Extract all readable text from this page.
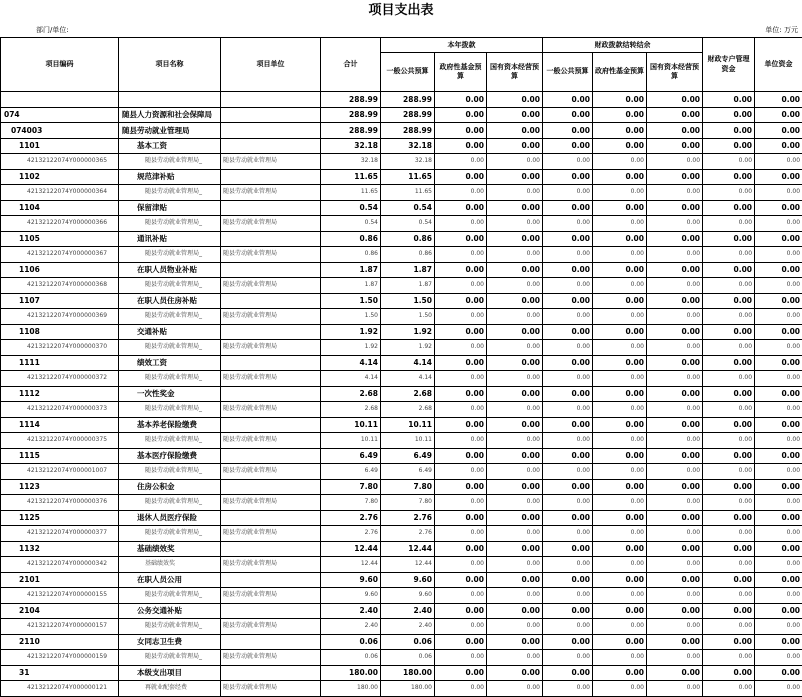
项目支出表
部门/单位:	单位: 万元
项目编码	项目名称	项目单位	合计	本年拨款			财政拨款结转结余			财政专户管理资金	单位资金
				一般公共预算	政府性基金预算	国有资本经营预算	一般公共预算	政府性基金预算	国有资本经营预算		
			288.99	288.99	0.00	0.00	0.00	0.00	0.00	0.00	0.00
074	随县人力资源和社会保障局		288.99	288.99	0.00	0.00	0.00	0.00	0.00	0.00	0.00
074003	随县劳动就业管理局		288.99	288.99	0.00	0.00	0.00	0.00	0.00	0.00	0.00
1101	基本工资		32.18	32.18	0.00	0.00	0.00	0.00	0.00	0.00	0.00
42132122074Y000000365	随县劳动就业管理局_	随县劳动就业管理局	32.18	32.18	0.00	0.00	0.00	0.00	0.00	0.00	0.00
1102	规范津补贴		11.65	11.65	0.00	0.00	0.00	0.00	0.00	0.00	0.00
42132122074Y000000364	随县劳动就业管理局_	随县劳动就业管理局	11.65	11.65	0.00	0.00	0.00	0.00	0.00	0.00	0.00
1104	保留津贴		0.54	0.54	0.00	0.00	0.00	0.00	0.00	0.00	0.00
42132122074Y000000366	随县劳动就业管理局_	随县劳动就业管理局	0.54	0.54	0.00	0.00	0.00	0.00	0.00	0.00	0.00
1105	通讯补贴		0.86	0.86	0.00	0.00	0.00	0.00	0.00	0.00	0.00
42132122074Y000000367	随县劳动就业管理局_	随县劳动就业管理局	0.86	0.86	0.00	0.00	0.00	0.00	0.00	0.00	0.00
1106	在职人员物业补贴		1.87	1.87	0.00	0.00	0.00	0.00	0.00	0.00	0.00
42132122074Y000000368	随县劳动就业管理局_	随县劳动就业管理局	1.87	1.87	0.00	0.00	0.00	0.00	0.00	0.00	0.00
1107	在职人员住房补贴		1.50	1.50	0.00	0.00	0.00	0.00	0.00	0.00	0.00
42132122074Y000000369	随县劳动就业管理局_	随县劳动就业管理局	1.50	1.50	0.00	0.00	0.00	0.00	0.00	0.00	0.00
1108	交通补贴		1.92	1.92	0.00	0.00	0.00	0.00	0.00	0.00	0.00
42132122074Y000000370	随县劳动就业管理局_	随县劳动就业管理局	1.92	1.92	0.00	0.00	0.00	0.00	0.00	0.00	0.00
1111	绩效工资		4.14	4.14	0.00	0.00	0.00	0.00	0.00	0.00	0.00
42132122074Y000000372	随县劳动就业管理局_	随县劳动就业管理局	4.14	4.14	0.00	0.00	0.00	0.00	0.00	0.00	0.00
1112	一次性奖金		2.68	2.68	0.00	0.00	0.00	0.00	0.00	0.00	0.00
42132122074Y000000373	随县劳动就业管理局_	随县劳动就业管理局	2.68	2.68	0.00	0.00	0.00	0.00	0.00	0.00	0.00
1114	基本养老保险缴费		10.11	10.11	0.00	0.00	0.00	0.00	0.00	0.00	0.00
42132122074Y000000375	随县劳动就业管理局_	随县劳动就业管理局	10.11	10.11	0.00	0.00	0.00	0.00	0.00	0.00	0.00
1115	基本医疗保险缴费		6.49	6.49	0.00	0.00	0.00	0.00	0.00	0.00	0.00
42132122074Y000001007	随县劳动就业管理局_	随县劳动就业管理局	6.49	6.49	0.00	0.00	0.00	0.00	0.00	0.00	0.00
1123	住房公积金		7.80	7.80	0.00	0.00	0.00	0.00	0.00	0.00	0.00
42132122074Y000000376	随县劳动就业管理局_	随县劳动就业管理局	7.80	7.80	0.00	0.00	0.00	0.00	0.00	0.00	0.00
1125	退休人员医疗保险		2.76	2.76	0.00	0.00	0.00	0.00	0.00	0.00	0.00
42132122074Y000000377	随县劳动就业管理局_	随县劳动就业管理局	2.76	2.76	0.00	0.00	0.00	0.00	0.00	0.00	0.00
1132	基础绩效奖		12.44	12.44	0.00	0.00	0.00	0.00	0.00	0.00	0.00
42132122074Y000000342	基础绩效奖	随县劳动就业管理局	12.44	12.44	0.00	0.00	0.00	0.00	0.00	0.00	0.00
2101	在职人员公用		9.60	9.60	0.00	0.00	0.00	0.00	0.00	0.00	0.00
42132122074Y000000155	随县劳动就业管理局_	随县劳动就业管理局	9.60	9.60	0.00	0.00	0.00	0.00	0.00	0.00	0.00
2104	公务交通补贴		2.40	2.40	0.00	0.00	0.00	0.00	0.00	0.00	0.00
42132122074Y000000157	随县劳动就业管理局_	随县劳动就业管理局	2.40	2.40	0.00	0.00	0.00	0.00	0.00	0.00	0.00
2110	女同志卫生费		0.06	0.06	0.00	0.00	0.00	0.00	0.00	0.00	0.00
42132122074Y000000159	随县劳动就业管理局_	随县劳动就业管理局	0.06	0.06	0.00	0.00	0.00	0.00	0.00	0.00	0.00
31	本级支出项目		180.00	180.00	0.00	0.00	0.00	0.00	0.00	0.00	0.00
42132122074Y000000121	再就业配套经费	随县劳动就业管理局	180.00	180.00	0.00	0.00	0.00	0.00	0.00	0.00	0.00
